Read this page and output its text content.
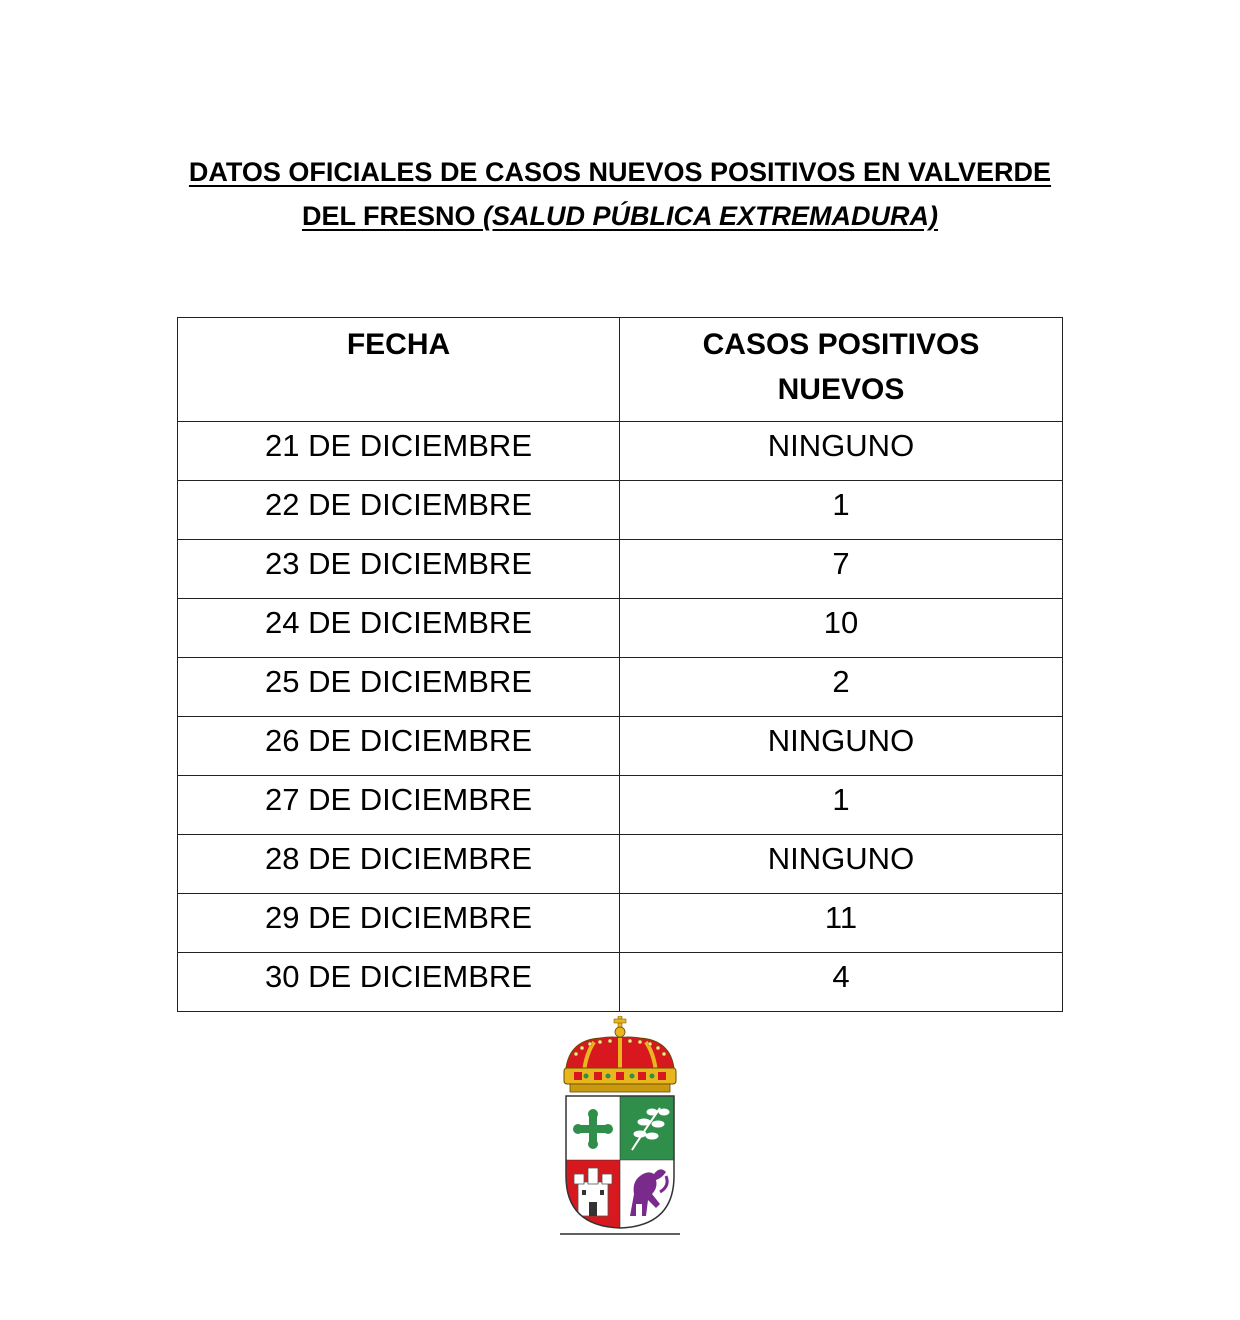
DATOS OFICIALES DE CASOS NUEVOS POSITIVOS EN VALVERDE
DEL FRESNO (SALUD PÚBLICA EXTREMADURA)
FECHA	CASOS POSITIVOS
NUEVOS

21 DE DICIEMBRE	NINGUNO
22 DE DICIEMBRE	1
23 DE DICIEMBRE	7
24 DE DICIEMBRE	10
25 DE DICIEMBRE	2
26 DE DICIEMBRE	NINGUNO
27 DE DICIEMBRE	1
28 DE DICIEMBRE	NINGUNO
29 DE DICIEMBRE	11
30 DE DICIEMBRE	4
